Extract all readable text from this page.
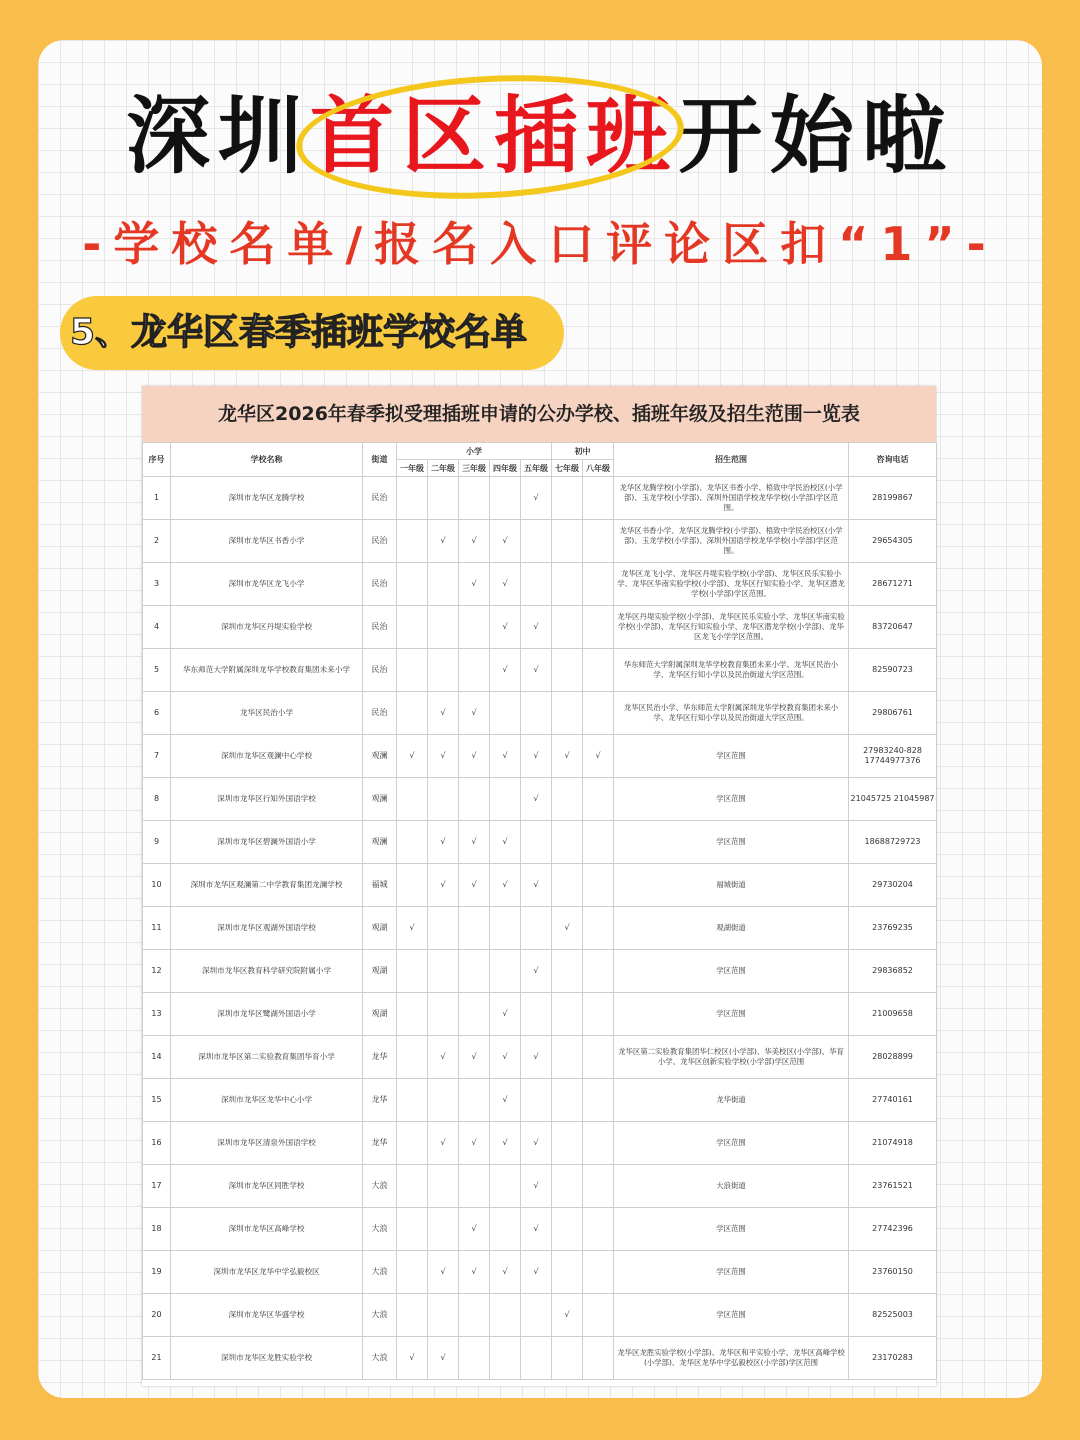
深圳
首区插班开始啦
-学校名单/报名入口评论区扣“1”-
5、龙华区春季插班学校名单
龙华区2026年春季拟受理插班申请的公办学校、插班年级及招生范围一览表
序号	学校名称	街道	小学					初中		招生范围	咨询电话
			一年级	二年级	三年级	四年级	五年级	七年级	八年级		
1	深圳市龙华区龙腾学校	民治					√			龙华区龙腾学校(小学部)、龙华区书香小学、梧致中学民治校区(小学部)、玉龙学校(小学部)、深圳外国语学校龙华学校(小学部)学区范围。	28199867
2	深圳市龙华区书香小学	民治		√	√	√				龙华区书香小学、龙华区龙腾学校(小学部)、梧致中学民治校区(小学部)、玉龙学校(小学部)、深圳外国语学校龙华学校(小学部)学区范围。	29654305
3	深圳市龙华区龙飞小学	民治			√	√				龙华区龙飞小学、龙华区丹堤实验学校(小学部)、龙华区民乐实验小学、龙华区华南实验学校(小学部)、龙华区行知实验小学、龙华区潜龙学校(小学部)学区范围。	28671271
4	深圳市龙华区丹堤实验学校	民治				√	√			龙华区丹堤实验学校(小学部)、龙华区民乐实验小学、龙华区华南实验学校(小学部)、龙华区行知实验小学、龙华区潜龙学校(小学部)、龙华区龙飞小学学区范围。	83720647
5	华东师范大学附属深圳龙华学校教育集团未来小学	民治				√	√			华东师范大学附属深圳龙华学校教育集团未来小学、龙华区民治小学、龙华区行知小学以及民治街道大学区范围。	82590723
6	龙华区民治小学	民治		√	√					龙华区民治小学、华东师范大学附属深圳龙华学校教育集团未来小学、龙华区行知小学以及民治街道大学区范围。	29806761
7	深圳市龙华区观澜中心学校	观澜	√	√	√	√	√	√	√	学区范围	27983240-828 17744977376
8	深圳市龙华区行知外国语学校	观澜					√			学区范围	21045725 21045987
9	深圳市龙华区碧澜外国语小学	观澜		√	√	√				学区范围	18688729723
10	深圳市龙华区观澜第二中学教育集团龙澜学校	福城		√	√	√	√			福城街道	29730204
11	深圳市龙华区观湖外国语学校	观湖	√					√		观湖街道	23769235
12	深圳市龙华区教育科学研究院附属小学	观湖					√			学区范围	29836852
13	深圳市龙华区鹭湖外国语小学	观湖				√				学区范围	21009658
14	深圳市龙华区第二实验教育集团华育小学	龙华		√	√	√	√			龙华区第二实验教育集团华仁校区(小学部)、华美校区(小学部)、华育小学、龙华区创新实验学校(小学部)学区范围	28028899
15	深圳市龙华区龙华中心小学	龙华				√				龙华街道	27740161
16	深圳市龙华区清泉外国语学校	龙华		√	√	√	√			学区范围	21074918
17	深圳市龙华区同胜学校	大浪					√			大浪街道	23761521
18	深圳市龙华区高峰学校	大浪			√		√			学区范围	27742396
19	深圳市龙华区龙华中学弘毅校区	大浪		√	√	√	√			学区范围	23760150
20	深圳市龙华区华盛学校	大浪						√		学区范围	82525003
21	深圳市龙华区龙胜实验学校	大浪	√	√						龙华区龙胜实验学校(小学部)、龙华区和平实验小学、龙华区高峰学校(小学部)、龙华区龙华中学弘毅校区(小学部)学区范围	23170283
